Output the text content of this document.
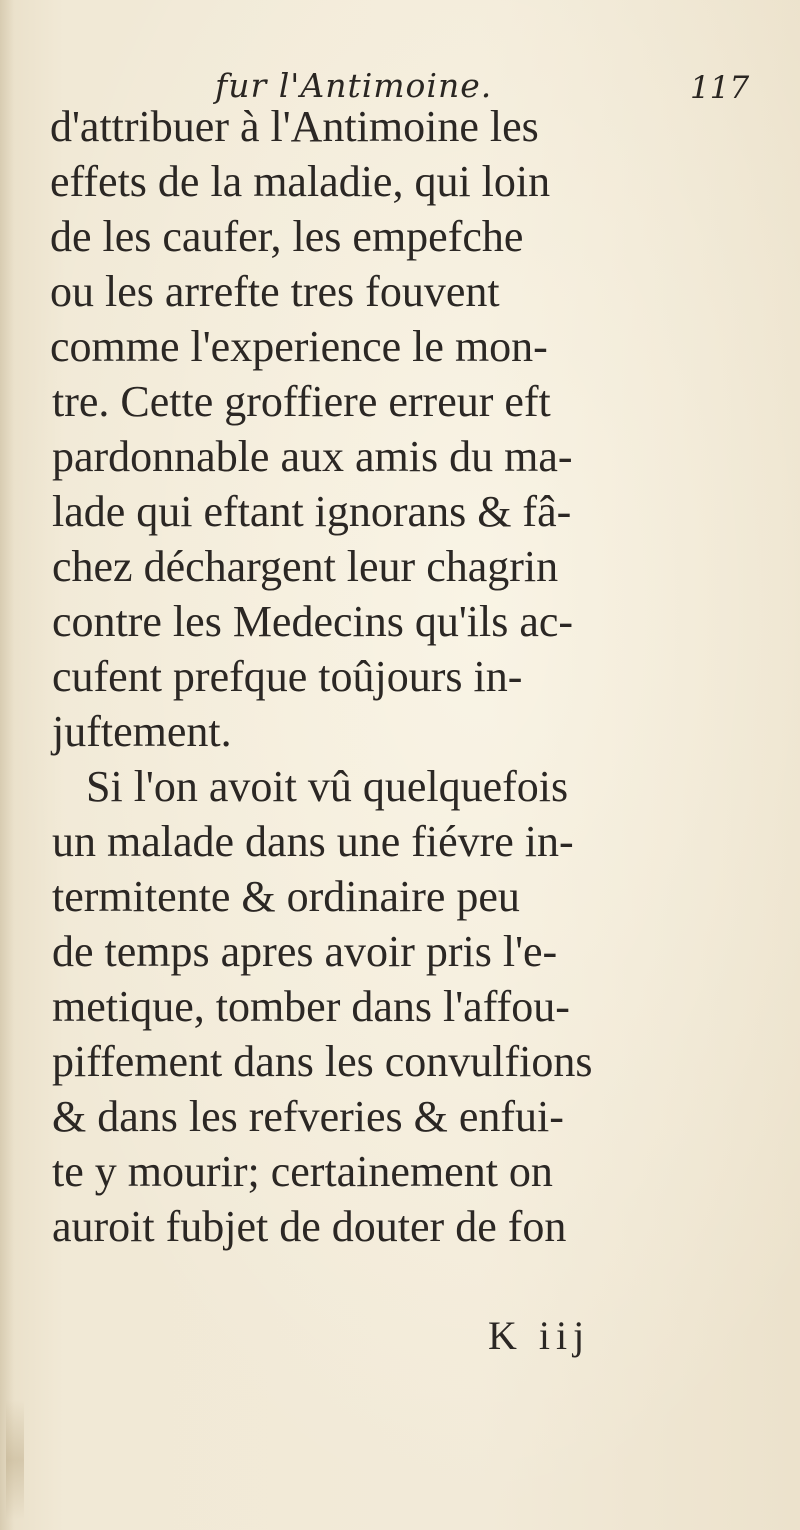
fur l'Antimoine.	117
d'attribuer à l'Antimoine les
effets de la maladie, qui loin
de les caufer, les empefche
ou les arrefte tres fouvent
comme l'experience le mon-
tre. Cette groffiere erreur eft
pardonnable aux amis du ma-
lade qui eftant ignorans & fâ-
chez déchargent leur chagrin
contre les Medecins qu'ils ac-
cufent prefque toûjours in-
juftement.
Si l'on avoit vû quelquefois
un malade dans une fiévre in-
termitente & ordinaire peu
de temps apres avoir pris l'e-
metique, tomber dans l'affou-
piffement dans les convulfions
& dans les refveries & enfui-
te y mourir; certainement on
auroit fubjet de douter de fon
K iij
